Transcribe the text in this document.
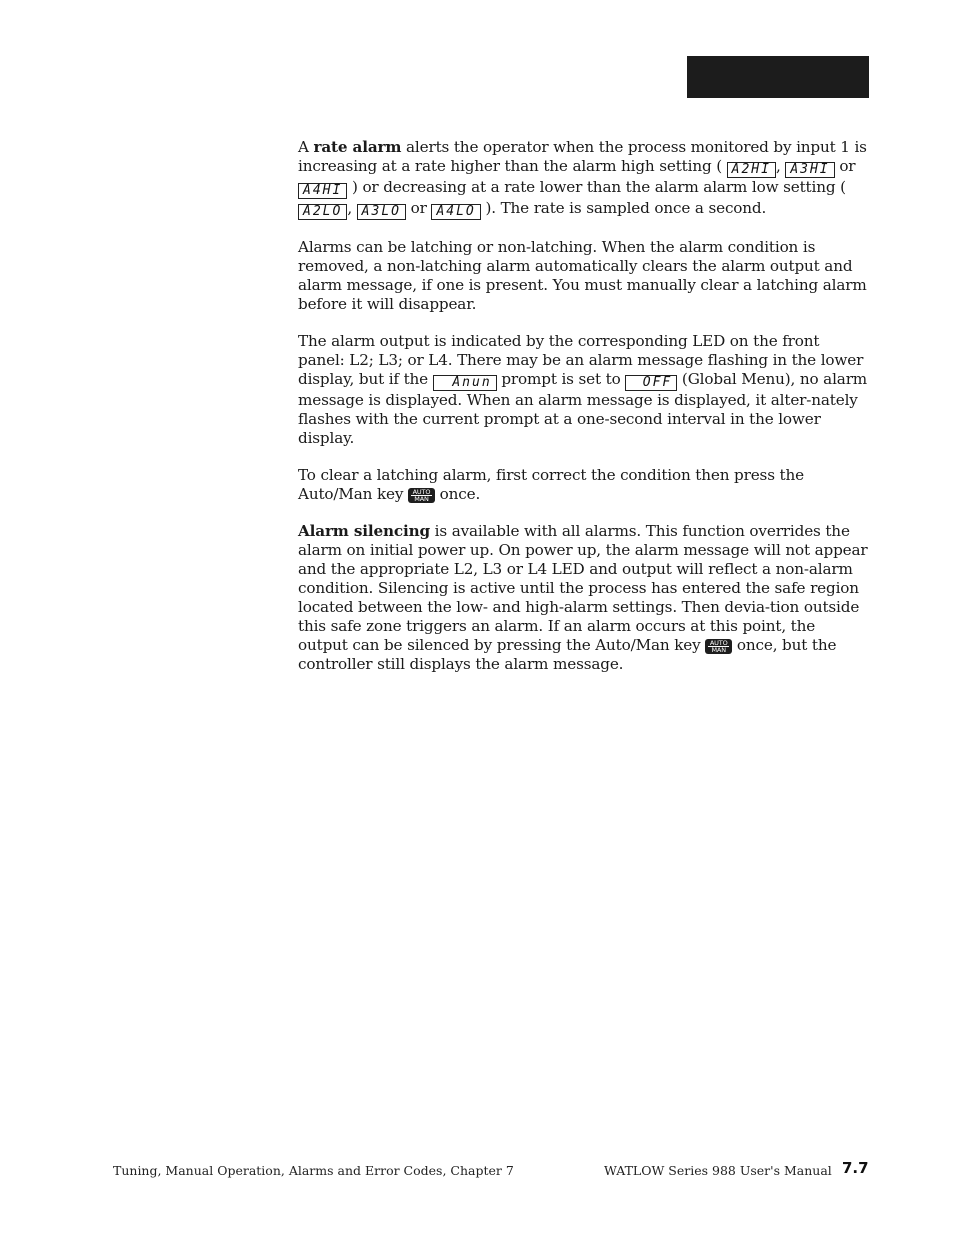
A rate alarm alerts the operator when the process monitored by input 1 is increasing at a rate higher than the alarm high setting ( A2HI , A3HI or A4HI ) or decreasing at a rate lower than the alarm alarm low setting ( A2LO , A3LO or A4LO ). The rate is sampled once a second.

Alarms can be latching or non-latching. When the alarm condition is removed, a non-latching alarm automatically clears the alarm output and alarm message, if one is present. You must manually clear a latching alarm before it will disappear.

The alarm output is indicated by the corresponding LED on the front panel: L2; L3; or L4. There may be an alarm message flashing in the lower display, but if the Anun prompt is set to OFF (Global Menu), no alarm message is displayed. When an alarm message is displayed, it alter-nately flashes with the current prompt at a one-second interval in the lower display.

To clear a latching alarm, first correct the condition then press the Auto/Man key AUTO
MAN once.

Alarm silencing is available with all alarms. This function overrides the alarm on initial power up. On power up, the alarm message will not appear and the appropriate L2, L3 or L4 LED and output will reflect a non-alarm condition. Silencing is active until the process has entered the safe region located between the low- and high-alarm settings. Then devia-tion outside this safe zone triggers an alarm. If an alarm occurs at this point, the output can be silenced by pressing the Auto/Man key AUTO
MAN once, but the controller still displays the alarm message.

Tuning, Manual Operation, Alarms and Error Codes, Chapter 7	WATLOW Series 988 User's Manual 7.7
